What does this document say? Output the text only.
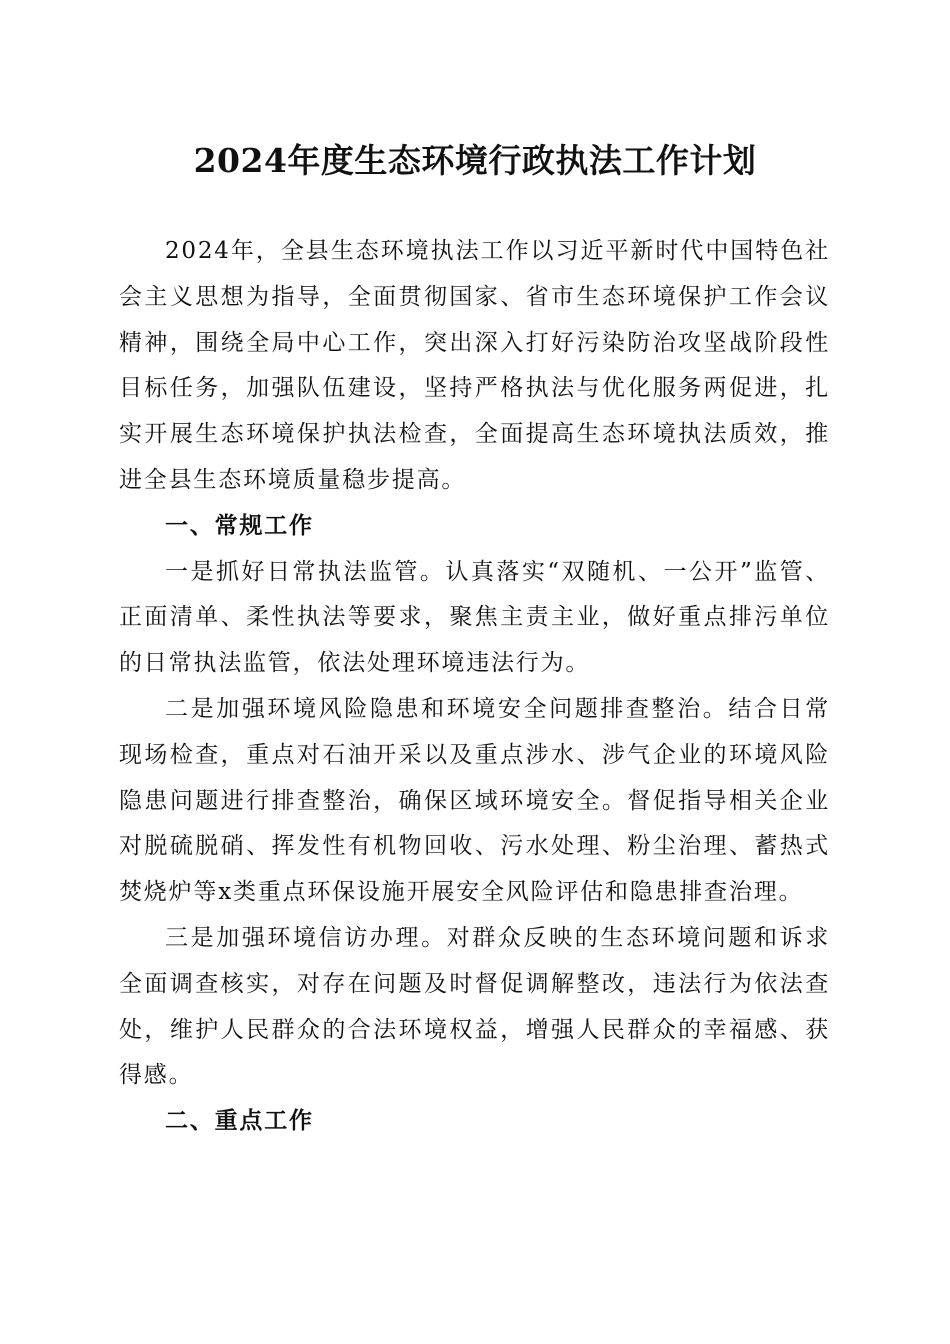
2024年度生态环境行政执法工作计划

2024年，全县生态环境执法工作以习近平新时代中国特色社会主义思想为指导，全面贯彻国家、省市生态环境保护工作会议精神，围绕全局中心工作，突出深入打好污染防治攻坚战阶段性目标任务，加强队伍建设，坚持严格执法与优化服务两促进，扎实开展生态环境保护执法检查，全面提高生态环境执法质效，推进全县生态环境质量稳步提高。

一、常规工作

一是抓好日常执法监管。认真落实“双随机、一公开”监管、正面清单、柔性执法等要求，聚焦主责主业，做好重点排污单位的日常执法监管，依法处理环境违法行为。

二是加强环境风险隐患和环境安全问题排查整治。结合日常现场检查，重点对石油开采以及重点涉水、涉气企业的环境风险隐患问题进行排查整治，确保区域环境安全。督促指导相关企业对脱硫脱硝、挥发性有机物回收、污水处理、粉尘治理、蓄热式焚烧炉等x类重点环保设施开展安全风险评估和隐患排查治理。

三是加强环境信访办理。对群众反映的生态环境问题和诉求全面调查核实，对存在问题及时督促调解整改，违法行为依法查处，维护人民群众的合法环境权益，增强人民群众的幸福感、获得感。

二、重点工作
